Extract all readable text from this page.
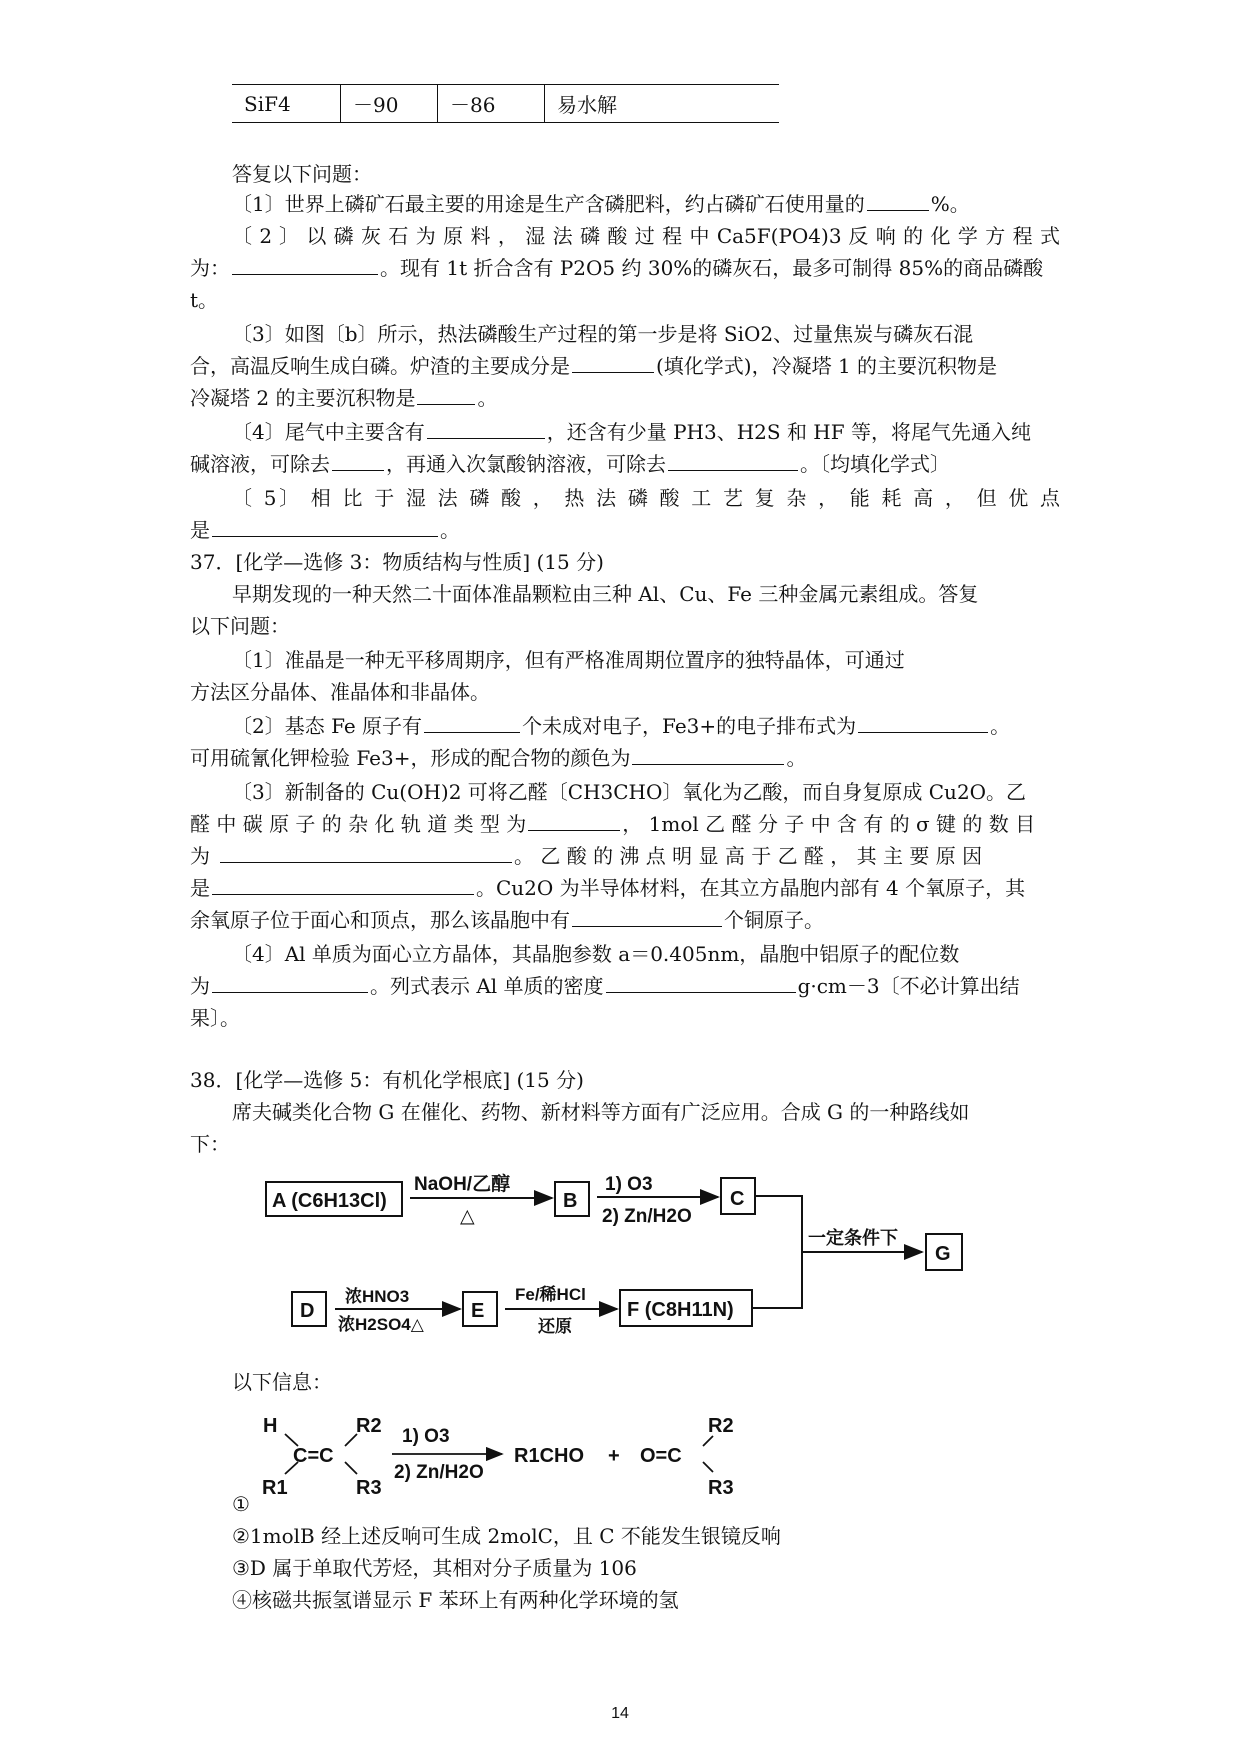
SiF4	－90	－86	易水解
答复以下问题：
〔1〕世界上磷矿石最主要的用途是生产含磷肥料，约占磷矿石使用量的	%。
〔 2 〕 以 磷 灰 石 为 原 料 ， 湿 法 磷 酸 过 程 中 Ca5F(PO4)3 反 响 的 化 学 方 程 式
为：	。现有 1t 折合含有 P2O5 约 30%的磷灰石，最多可制得 85%的商品磷酸
t。
〔3〕如图〔b〕所示，热法磷酸生产过程的第一步是将 SiO2、过量焦炭与磷灰石混
合，高温反响生成白磷。炉渣的主要成分是	(填化学式)，冷凝塔 1 的主要沉积物是
冷凝塔 2 的主要沉积物是	。
〔4〕尾气中主要含有	，还含有少量 PH3、H2S 和 HF 等，将尾气先通入纯
碱溶液，可除去	，再通入次氯酸钠溶液，可除去	。〔均填化学式〕
〔 5〕 相 比 于 湿 法 磷 酸 ， 热 法 磷 酸 工 艺 复 杂 ， 能 耗 高 ， 但 优 点
是	。
37．[化学—选修 3：物质结构与性质] (15 分)
早期发现的一种天然二十面体准晶颗粒由三种 Al、Cu、Fe 三种金属元素组成。答复
以下问题：
〔1〕准晶是一种无平移周期序，但有严格准周期位置序的独特晶体，可通过
方法区分晶体、准晶体和非晶体。
〔2〕基态 Fe 原子有	个未成对电子，Fe3+的电子排布式为	。
可用硫氰化钾检验 Fe3+，形成的配合物的颜色为	。
〔3〕新制备的 Cu(OH)2 可将乙醛〔CH3CHO〕氧化为乙酸，而自身复原成 Cu2O。乙
醛 中 碳 原 子 的 杂 化 轨 道 类 型 为	， 1mol 乙 醛 分 子 中 含 有 的 σ 键 的 数 目
为	。 乙 酸 的 沸 点 明 显 高 于 乙 醛 ， 其 主 要 原 因
是	。Cu2O 为半导体材料，在其立方晶胞内部有 4 个氧原子，其
余氧原子位于面心和顶点，那么该晶胞中有	个铜原子。
〔4〕Al 单质为面心立方晶体，其晶胞参数 a＝0.405nm，晶胞中铝原子的配位数
为	。列式表示 Al 单质的密度	g·cm－3〔不必计算出结
果〕。
38．[化学—选修 5：有机化学根底] (15 分)
席夫碱类化合物 G 在催化、药物、新材料等方面有广泛应用。合成 G 的一种路线如
下：
A (C6H13Cl)
NaOH/乙醇
△
B
1) O3
2) Zn/H2O
C
一定条件下
G
D
浓HNO3
浓H2SO4△
E
Fe/稀HCl
还原
F (C8H11N)
H
R1
C=C
R2
R3
1) O3
2) Zn/H2O
R1CHO + O=C
R2
R3
以下信息：
①
②1molB 经上述反响可生成 2molC，且 C 不能发生银镜反响
③D 属于单取代芳烃，其相对分子质量为 106
④核磁共振氢谱显示 F 苯环上有两种化学环境的氢
14
